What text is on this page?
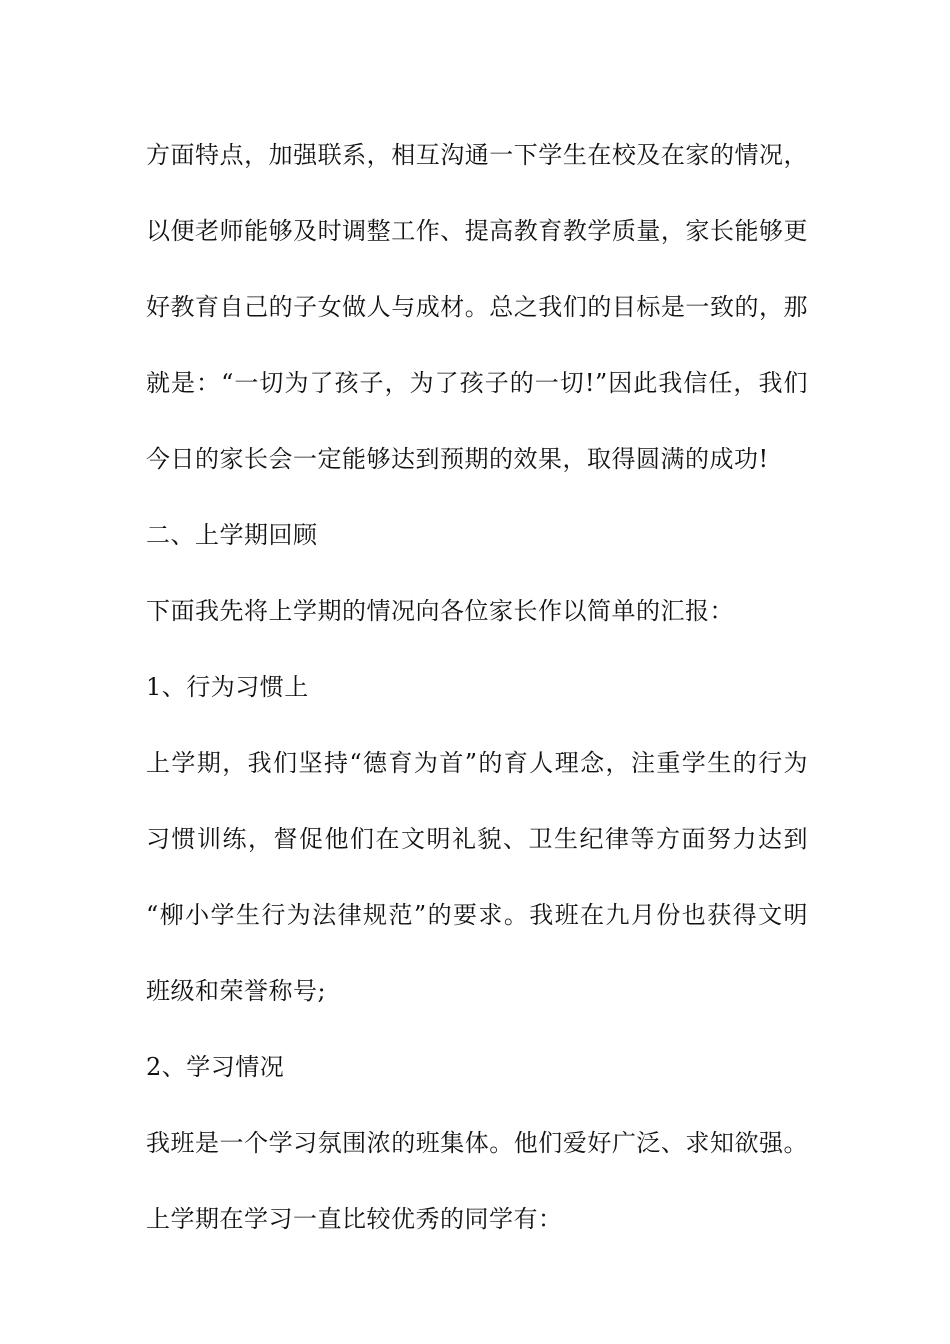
方面特点，加强联系，相互沟通一下学生在校及在家的情况，
以便老师能够及时调整工作、提高教育教学质量，家长能够更
好教育自己的子女做人与成材。总之我们的目标是一致的，那
就是：“一切为了孩子，为了孩子的一切!”因此我信任，我们
今日的家长会一定能够达到预期的效果，取得圆满的成功!
二、上学期回顾
下面我先将上学期的情况向各位家长作以简单的汇报：
1、行为习惯上
上学期，我们坚持“德育为首”的育人理念，注重学生的行为
习惯训练，督促他们在文明礼貌、卫生纪律等方面努力达到
“柳小学生行为法律规范”的要求。我班在九月份也获得文明
班级和荣誉称号;
2、学习情况
我班是一个学习氛围浓的班集体。他们爱好广泛、求知欲强。
上学期在学习一直比较优秀的同学有：
